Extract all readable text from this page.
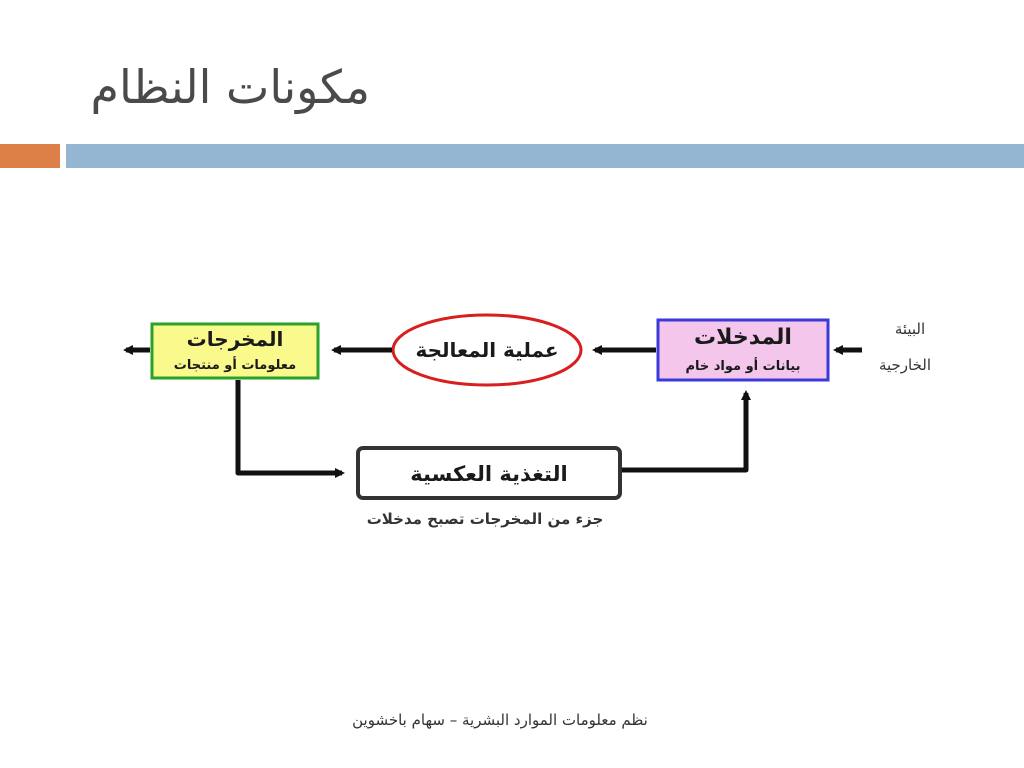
مكونات النظام
البيئة
الخارجية
المدخلات
بيانات أو مواد خام
عملية المعالجة
المخرجات
معلومات أو منتجات
التغذية العكسية
جزء من المخرجات تصبح مدخلات
نظم معلومات الموارد البشرية – سهام باخشوين
